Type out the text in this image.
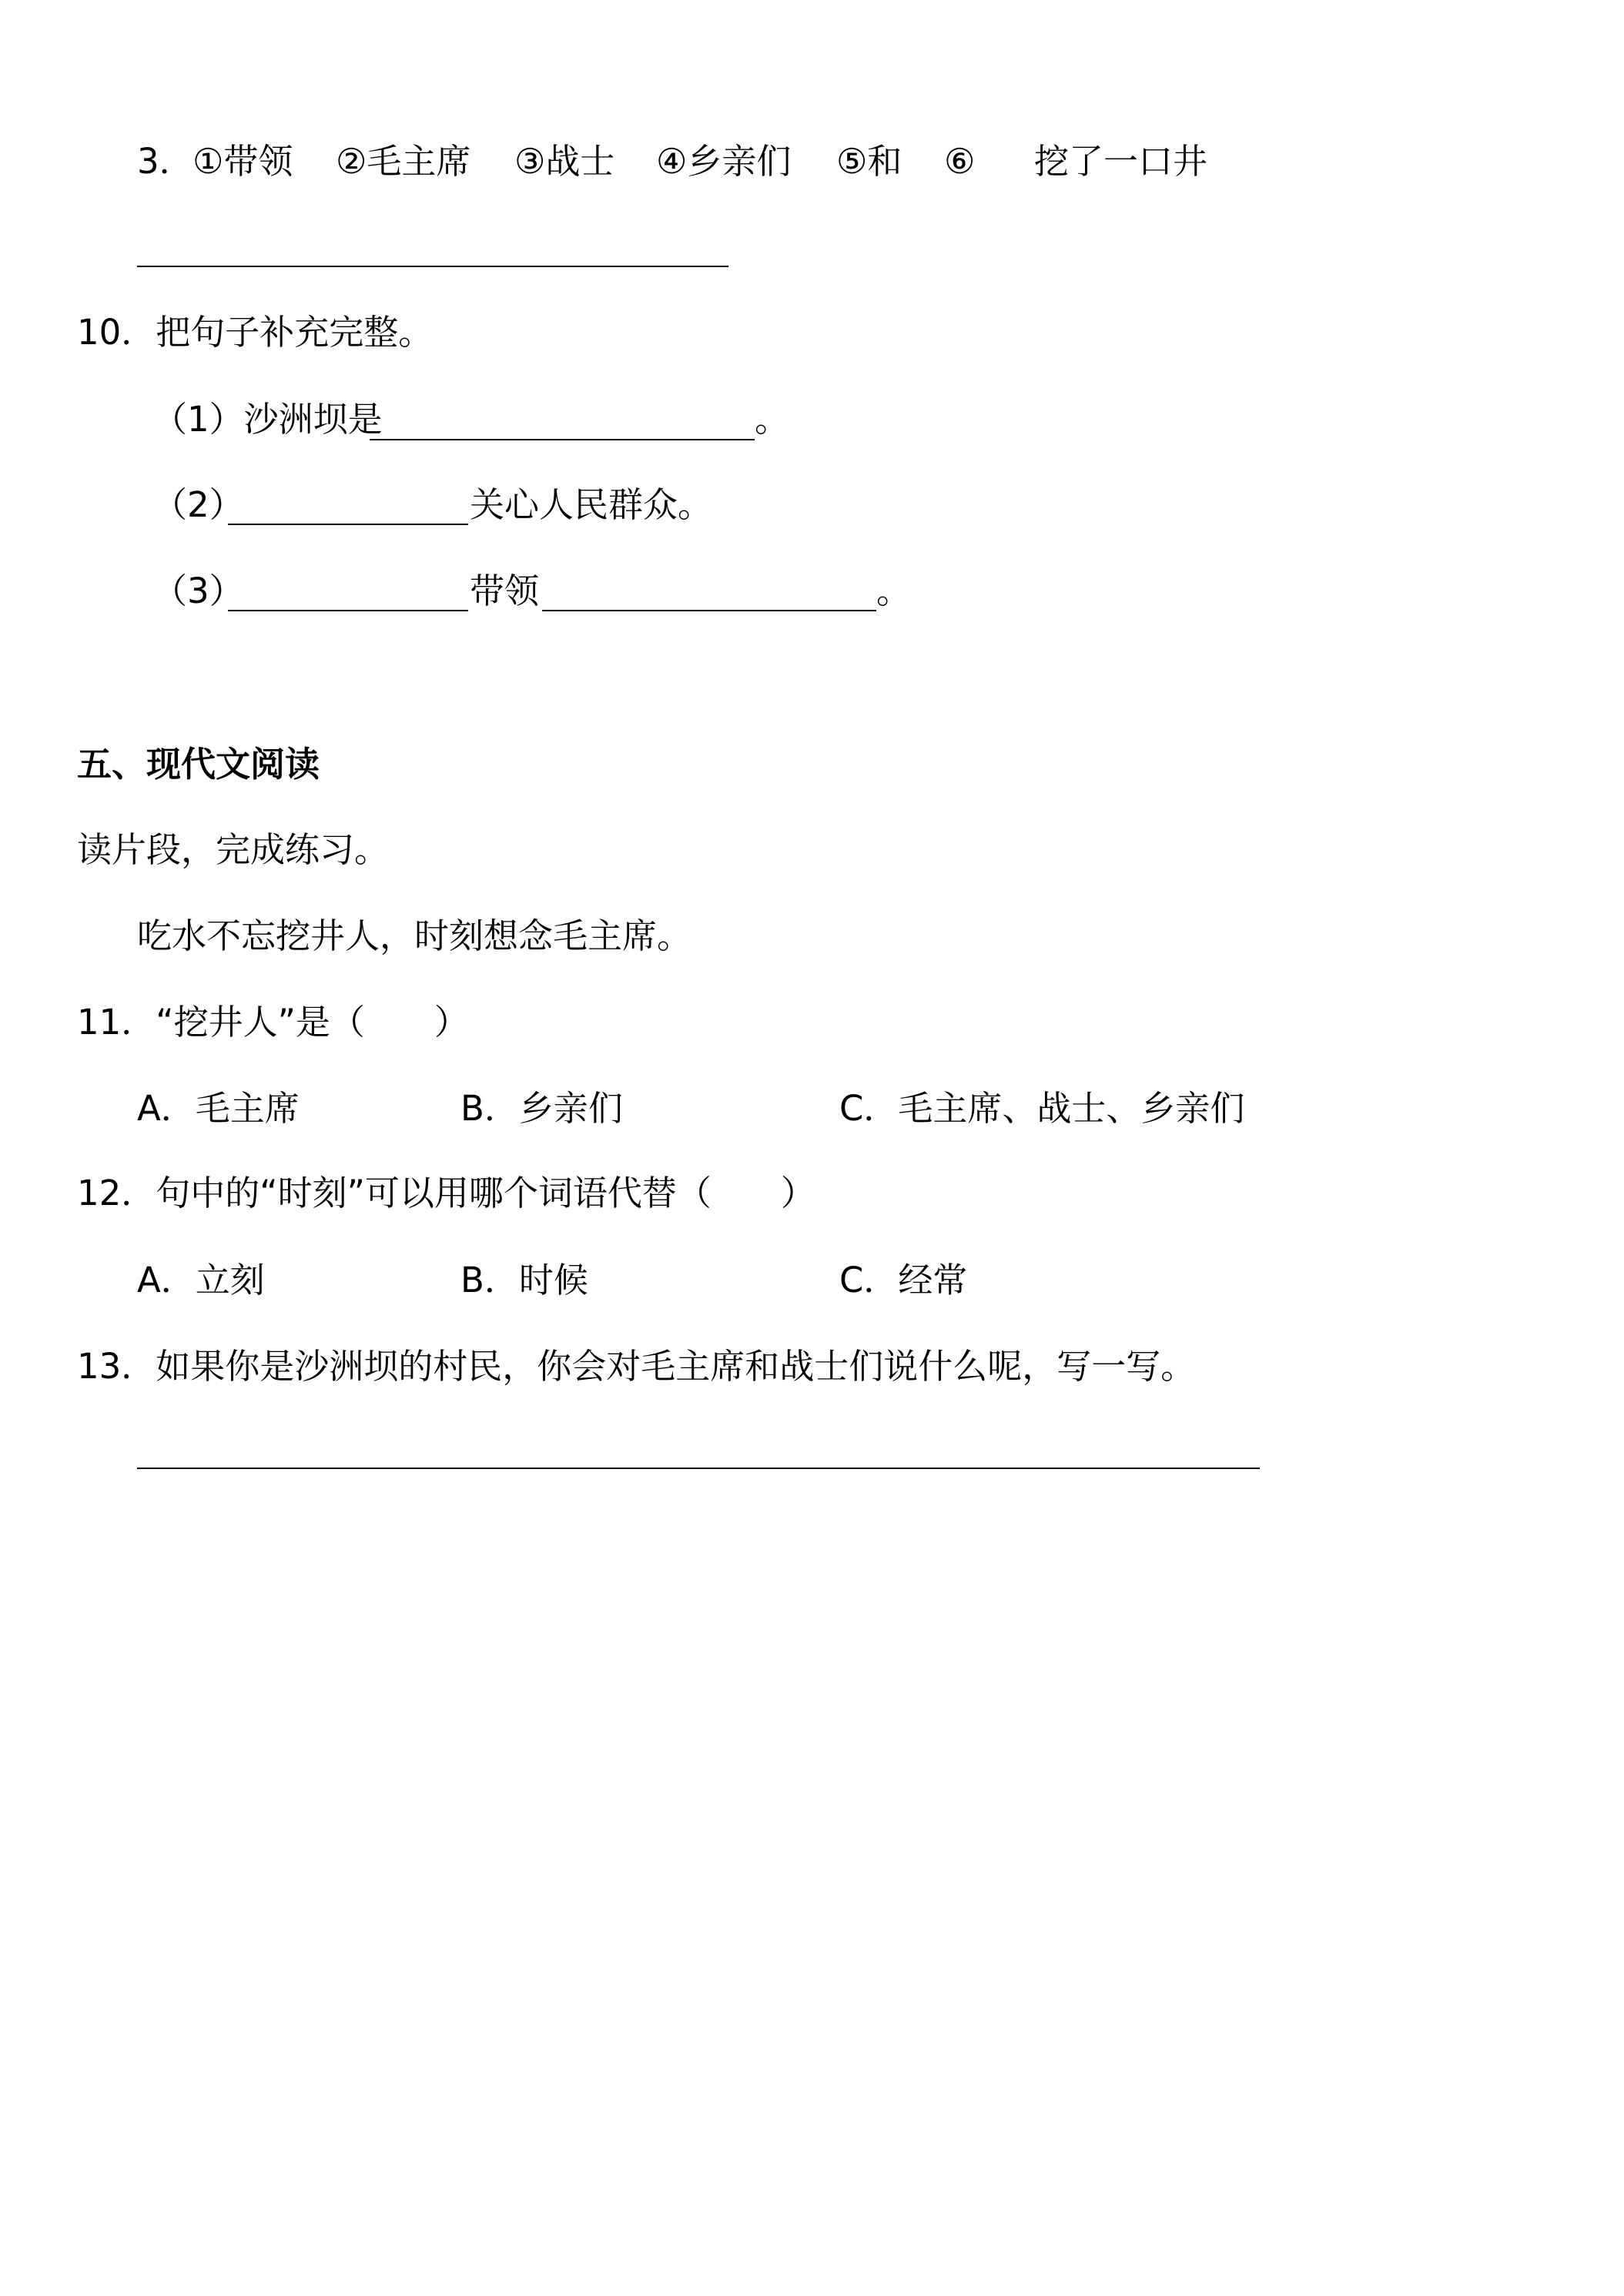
3．
①带领 ②毛主席 ③战士 ④乡亲们 ⑤和 ⑥ 挖了一口井
10．把句子补充完整。
（1）沙洲坝是	。
（2）	关心人民群众。
（3）	带领	。
五、现代文阅读
读片段，完成练习。
吃水不忘挖井人，时刻想念毛主席。
11．“挖井人”是（　　）
A．毛主席	B．乡亲们	C．毛主席、战士、乡亲们
12．句中的“时刻”可以用哪个词语代替（　　）
A．立刻	B．时候	C．经常
13．如果你是沙洲坝的村民，你会对毛主席和战士们说什么呢，写一写。
